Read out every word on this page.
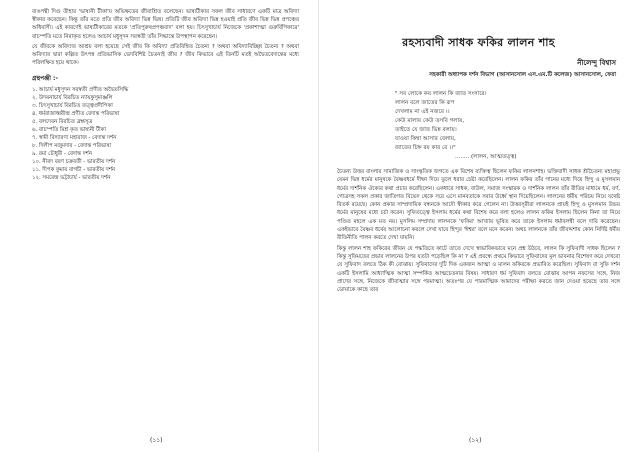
বাঙপন্থী দিগু তীহার 'ভাষ্যনী টীকা'য় অভিক্ষতের জীবাশ্রিত বলেছেন। ভাষ্যটীকার সকল জীব সাধারণে একটি মাত্র অবিদ্যা স্বীকার করেছেন। কিন্তু তাঁর মতে প্রতি জীব অবিদ্যা ভিন্ন ভিন্ন। প্রতিটি জীব অবিদ্যা ভিন্ন হওয়াই প্রতি জীব ভিন্ন ভিন্ন প্রপঞ্চের অধিবাসী। এই কারণেই ভাষ্যটীকারের মতকে 'প্রতিপুরুষপ্রপঞ্চবাদ' বলা হয়। চিৎসুখাচার্য নিজেকে 'প্রকাশাত্মা গুরুর্বিপিকারে' বাচস্পতি মতে নিরাকৃত হলেও আচার্য মধুসূদন সরস্বতী তাঁর সিদ্ধান্তে উপস্থাপন করেছেন।

যে জীবকে অবিদ্যার আশ্রয় বলা হয়েছে সেই জীব কি অবিদ্যা প্রতিবিম্বিত চৈতন্য ? অথবা অবিদ্যাবিচ্ছিন্ন চৈতন্য ? অথবা অবিদ্যার দ্বারা কল্পিত উৎপন্ন প্রতিভাসিক ভেদবিশিষ্ট চৈতন্যই জীব ? জীব কিভাবে এই তিনটি মতই অদ্বৈতবেদান্তের মধ্যে পরিলক্ষিত হয়ে থাকে।

গ্রন্থপঞ্জী :-

১. আচার্য মধুসূদন সরস্বতী প্রণীত অদ্বৈতসিদ্ধি

২. উদয়নাচার্য বিরচিত ন্যায়কুসুমাঞ্জলি

৩. চিৎসুখাচার্য বিরচিত তত্ত্বপ্রদীপিকা

৪. ধর্মরাজাধ্বরীন্দ্র প্রণীত বেদান্ত পরিভাষা

৫. বলদেবন বিরচিত ব্রহ্মসূত্র

৬. বাচস্পতি মিশ্র কৃত ভাষ্যনী টীকা

৭. স্বামী বিদ্যারণ্য মহারাজ - বেদান্ত দর্শন

৮. দিলীপ মজুমদার - বেদান্ত পরিভাষা

৯. রমা চৌধুরী - বেদান্ত দর্শন

১০. নীরদ বরণ চক্রবর্তী - ভারতীয় দর্শন

১১. দীপক কুমার বাগচী - ভারতীয় দর্শন

১২. সমরেন্দ্র ভট্টাচার্য - ভারতীয় দর্শন

(১১)
রহস্যবাদী সাধক ফকির লালন শাহ
নীলেন্দু বিশ্বাস
সহকারী অধ্যাপক দর্শন বিভাগ (আসানসোল এস.এম.টি কলেজ) আসানসোল, ফেরা

" সব লোকে কয় লালন কি জাত সংসারে।

লালন বলে জাতের কি রূপ

দেখলাম না এই নজরে ।।

কেউ মালায় কেউ তসবি গলায়,

তাইতে যে জাত ভিন্ন বলায়।

যাওয়া কিম্বা আসার বেলায়,

জাতের চিহ্ন রয় কার রে ।।"

........ (লালন, আত্মতত্ত্ব)

চৈতন্য উত্তর বাংলার সামাজিক ও সাংস্কৃতিক জগতে এক বিশেষ ব্যক্তিত্ব ছিলেন ফকির লালনশাহ। ভক্তিবাদী সাধক শ্রীচৈতন্য মহাপ্রভু যেমন ভিন্ন ধর্মের মানুষকে বৈষ্ণবধর্মে দীক্ষা দিয়ে তুলে ধরার চেষ্টা করেছিলেন। লালন ফকির তাঁর গানের মধ্যে দিয়ে হিন্দু ও মুসলমান ধর্মের দার্শনিক ঐক্যের কথা প্রচার করেছিলেন। একধারে সাধক, বাউল, সমাজ সংস্কারক ও দার্শনিক লালন তাঁর রীতির মাধ্যমে ধর্ম, বর্ণ, গোত্রসহ সকল প্রকার জাতিগত বিভেদ থেকে সরে এসে মানবতাকে সবার উর্ধ্বে স্থান দিয়েছিলেন। লালনের ধর্মীয় পরিচয় নিয়ে যথেষ্ট বিতর্ক রয়েছে। কোন প্রকার সাম্প্রদায়িক বন্ধনকে আদৌ স্বীকার করে গেলেন না। উত্তরসূরীরা লালনকে প্রায়ই হিন্দু ও মুসলমান উভয় ধর্মের মানুষের মধ্যে চর্চা করেন। সুফিতত্ত্বে ইসলাম ধর্মের কথা বিশেষ করে বলা হলেও লালন ফকির ইসলাম ছিলেন কিনা তা নিয়ে পণ্ডিত মহলে এক মত নয়। মুসলিম সম্প্রদায় লালনকে 'ফকির' আখ্যায় ভূষিত করে তাকে ইসলাম ধর্মাবলম্বী বলে দাবি করেছেন। একইভাবে বৈষ্ণব ধর্মের আলোচনা করলে দেখা যাবে হিন্দুর 'ঈশ্বর' বলে মনে করেন। অথচ লালনকে তাঁর জীবদ্দশায় কোন নির্দিষ্ট ধর্মীয় রীতিনীতি পালন করতে দেখা যায়নি।

কিন্তু লালন শাহ ফকিরের জীবন যে পদ্ধতিতে কাটে তাতে দেখে স্বাভাবিকভাবে মনে প্রশ্ন উঠবে, লালন কি সুফিবাদী সাধক ছিলেন ? কিন্তু সুফিমতের প্রভাব লালনের উপর যতটা পড়েছিল কি না ? এই প্রবন্ধে প্রথমে কিভাবে সুফিবাদের মূল ভাবনার বিশেষণ করে দেখবো যে সুফিবাদ বলতে ঠিক কী বোঝায়। সুফিবাদের দুটি দিক একজন আত্মা ও মালন ফকিরকে প্রভাবিত করেছিল। সুফিবাদ বা সুফি দর্শন একটি ইসলামি আধ্যাত্মিক আত্মা সম্পর্কিত আত্মচেতনার বিষয়। সাধারণ ধর্ম সুফিবাদ বলতে বোঝায় আপন নফসের সঙ্গে, নিজ প্রাণের সঙ্গে, নিজেকে জীবাত্মার সঙ্গে পরমাত্মা। অতঃপর যে পারমাত্মিক আমাদের পরীক্ষা করতে জান দেওয়া হয়েছে তার সঙ্গে ডোয়াকে কাছে তার

(১২)
